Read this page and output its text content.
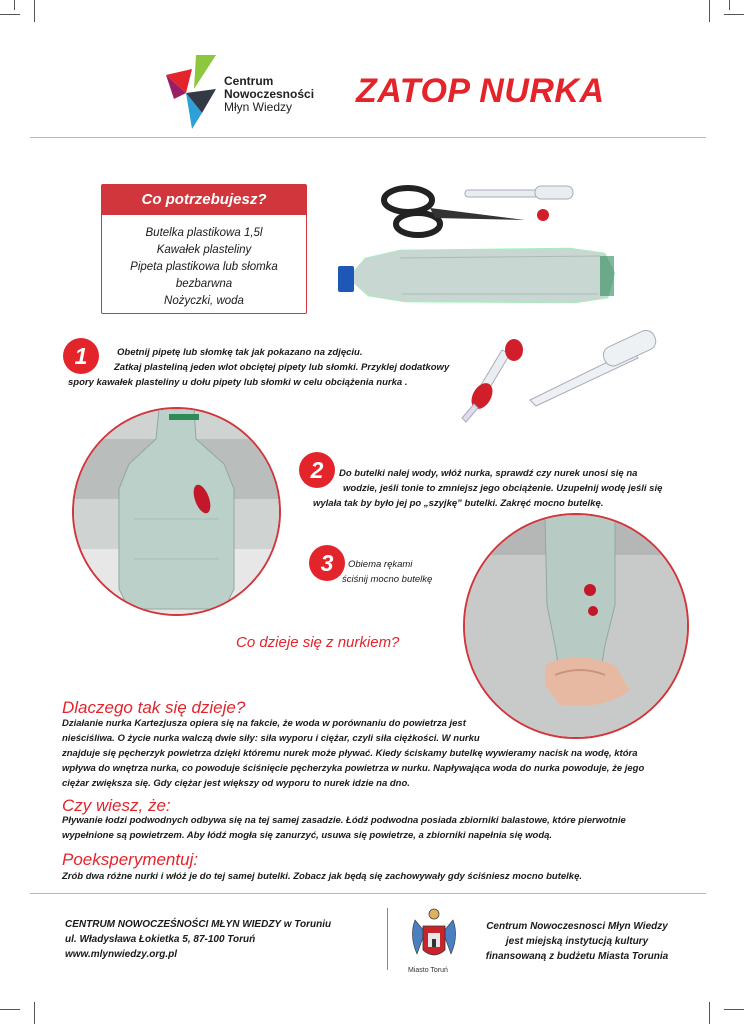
Centrum
Nowoczesności
Młyn Wiedzy	ZATOP NURKA
Co potrzebujesz?
Butelka plastikowa 1,5l
Kawałek plasteliny
Pipeta plastikowa lub słomka
bezbarwna
Nożyczki, woda
1	Obetnij pipetę lub słomkę tak jak pokazano na zdjęciu.
Zatkaj plasteliną jeden wlot obciętej pipety lub słomki. Przyklej dodatkowy
spory kawałek plasteliny u dołu pipety lub słomki w celu obciążenia nurka .
2	Do butelki nalej wody, włóż nurka, sprawdź czy nurek unosi się na
wodzie, jeśli tonie to zmniejsz jego obciążenie. Uzupełnij wodę jeśli się
wylała tak by było jej po „szyjkę” butelki. Zakręć mocno butelkę.
3	Obiema rękami
ściśnij mocno butelkę
Co dzieje się z nurkiem?
Dlaczego tak się dzieje?
Działanie nurka Kartezjusza opiera się na fakcie, że woda w porównaniu do powietrza jest
nieściśliwa. O życie nurka walczą dwie siły: siła wyporu i ciężar, czyli siła ciężkości. W nurku
znajduje się pęcherzyk powietrza dzięki któremu nurek może pływać. Kiedy ściskamy butelkę wywieramy nacisk na wodę, która
wpływa do wnętrza nurka, co powoduje ściśnięcie pęcherzyka powietrza w nurku. Napływająca woda do nurka powoduje, że jego
ciężar zwiększa się. Gdy ciężar jest większy od wyporu to nurek idzie na dno.
Czy wiesz, że:
Pływanie łodzi podwodnych odbywa się na tej samej zasadzie. Łódź podwodna posiada zbiorniki balastowe, które pierwotnie
wypełnione są powietrzem. Aby łódź mogła się zanurzyć, usuwa się powietrze, a zbiorniki napełnia się wodą.
Poeksperymentuj:
Zrób dwa różne nurki i włóż je do tej samej butelki. Zobacz jak będą się zachowywały gdy ściśniesz mocno butelkę.
CENTRUM NOWOCZEŚNOŚCI MŁYN WIEDZY w Toruniu
ul. Władysława Łokietka 5, 87-100 Toruń
www.mlynwiedzy.org.pl
Miasto Toruń
Centrum Nowoczesnosci Młyn Wiedzy
jest miejską instytucją kultury
finansowaną z budżetu Miasta Torunia
